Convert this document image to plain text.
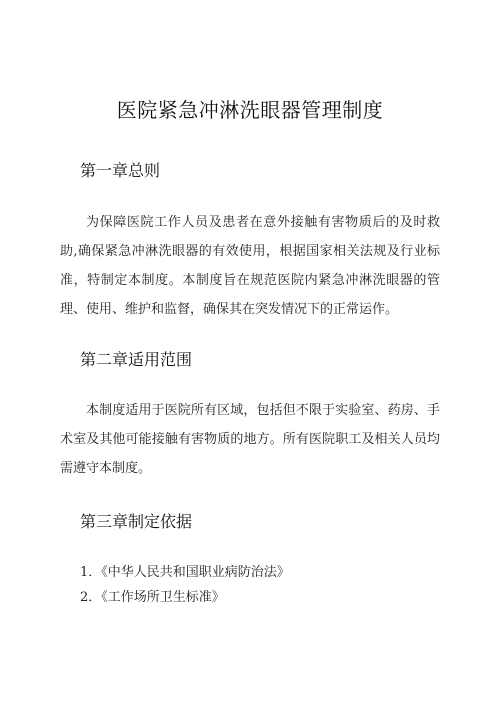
医院紧急冲淋洗眼器管理制度
第一章总则

为保障医院工作人员及患者在意外接触有害物质后的及时救助,确保紧急冲淋洗眼器的有效使用，根据国家相关法规及行业标准，特制定本制度。本制度旨在规范医院内紧急冲淋洗眼器的管理、使用、维护和监督，确保其在突发情况下的正常运作。

第二章适用范围

本制度适用于医院所有区域，包括但不限于实验室、药房、手术室及其他可能接触有害物质的地方。所有医院职工及相关人员均需遵守本制度。

第三章制定依据
1．《中华人民共和国职业病防治法》
2．《工作场所卫生标准》
